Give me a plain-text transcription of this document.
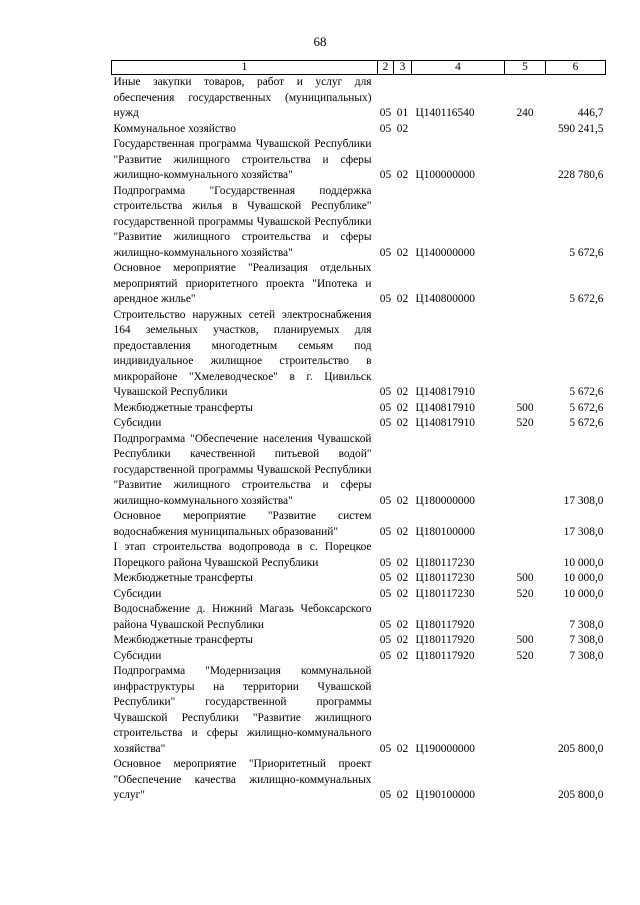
68
1	2	3	4	5	6
Иные закупки товаров, работ и услуг для обеспечения государственных (муниципальных) нужд	05	01	Ц140116540	240	446,7
Коммунальное хозяйство	05	02			590 241,5
Государственная программа Чувашской Республики "Развитие жилищного строительства и сферы жилищно-коммунального хозяйства"	05	02	Ц100000000		228 780,6
Подпрограмма "Государственная поддержка строительства жилья в Чувашской Республике" государственной программы Чувашской Республики "Развитие жилищного строительства и сферы жилищно-коммунального хозяйства"	05	02	Ц140000000		5 672,6
Основное мероприятие "Реализация отдельных мероприятий приоритетного проекта "Ипотека и арендное жилье"	05	02	Ц140800000		5 672,6
Строительство наружных сетей электроснабжения 164 земельных участков, планируемых для предоставления многодетным семьям под индивидуальное жилищное строительство в микрорайоне "Хмелеводческое" в г. Цивильск Чувашской Республики	05	02	Ц140817910		5 672,6
Межбюджетные трансферты	05	02	Ц140817910	500	5 672,6
Субсидии	05	02	Ц140817910	520	5 672,6
Подпрограмма "Обеспечение населения Чувашской Республики качественной питьевой водой" государственной программы Чувашской Республики "Развитие жилищного строительства и сферы жилищно-коммунального хозяйства"	05	02	Ц180000000		17 308,0
Основное мероприятие "Развитие систем водоснабжения муниципальных образований"	05	02	Ц180100000		17 308,0
I этап строительства водопровода в с. Порецкое Порецкого района Чувашской Республики	05	02	Ц180117230		10 000,0
Межбюджетные трансферты	05	02	Ц180117230	500	10 000,0
Субсидии	05	02	Ц180117230	520	10 000,0
Водоснабжение д. Нижний Магазь Чебоксарского района Чувашской Республики	05	02	Ц180117920		7 308,0
Межбюджетные трансферты	05	02	Ц180117920	500	7 308,0
Субсидии	05	02	Ц180117920	520	7 308,0
Подпрограмма "Модернизация коммунальной инфраструктуры на территории Чувашской Республики" государственной программы Чувашской Республики "Развитие жилищного строительства и сферы жилищно-коммунального хозяйства"	05	02	Ц190000000		205 800,0
Основное мероприятие "Приоритетный проект "Обеспечение качества жилищно-коммунальных услуг"	05	02	Ц190100000		205 800,0
